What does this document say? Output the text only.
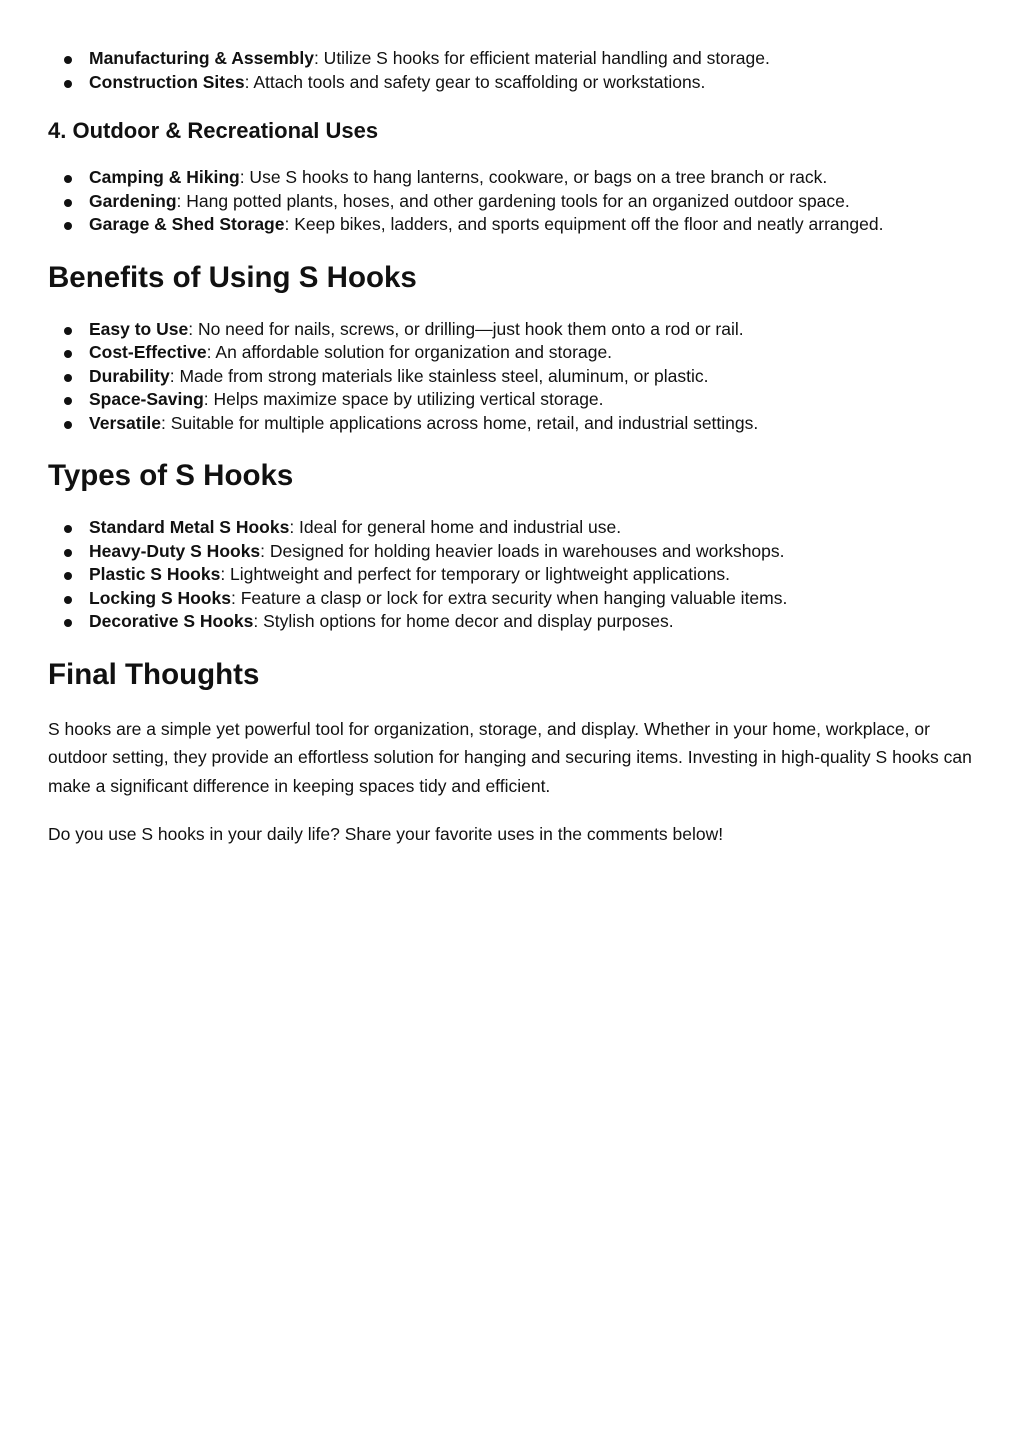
Manufacturing & Assembly: Utilize S hooks for efficient material handling and storage.
Construction Sites: Attach tools and safety gear to scaffolding or workstations.
4. Outdoor & Recreational Uses
Camping & Hiking: Use S hooks to hang lanterns, cookware, or bags on a tree branch or rack.
Gardening: Hang potted plants, hoses, and other gardening tools for an organized outdoor space.
Garage & Shed Storage: Keep bikes, ladders, and sports equipment off the floor and neatly arranged.
Benefits of Using S Hooks
Easy to Use: No need for nails, screws, or drilling—just hook them onto a rod or rail.
Cost-Effective: An affordable solution for organization and storage.
Durability: Made from strong materials like stainless steel, aluminum, or plastic.
Space-Saving: Helps maximize space by utilizing vertical storage.
Versatile: Suitable for multiple applications across home, retail, and industrial settings.
Types of S Hooks
Standard Metal S Hooks: Ideal for general home and industrial use.
Heavy-Duty S Hooks: Designed for holding heavier loads in warehouses and workshops.
Plastic S Hooks: Lightweight and perfect for temporary or lightweight applications.
Locking S Hooks: Feature a clasp or lock for extra security when hanging valuable items.
Decorative S Hooks: Stylish options for home decor and display purposes.
Final Thoughts

S hooks are a simple yet powerful tool for organization, storage, and display. Whether in your home, workplace, or outdoor setting, they provide an effortless solution for hanging and securing items. Investing in high-quality S hooks can make a significant difference in keeping spaces tidy and efficient.

Do you use S hooks in your daily life? Share your favorite uses in the comments below!
